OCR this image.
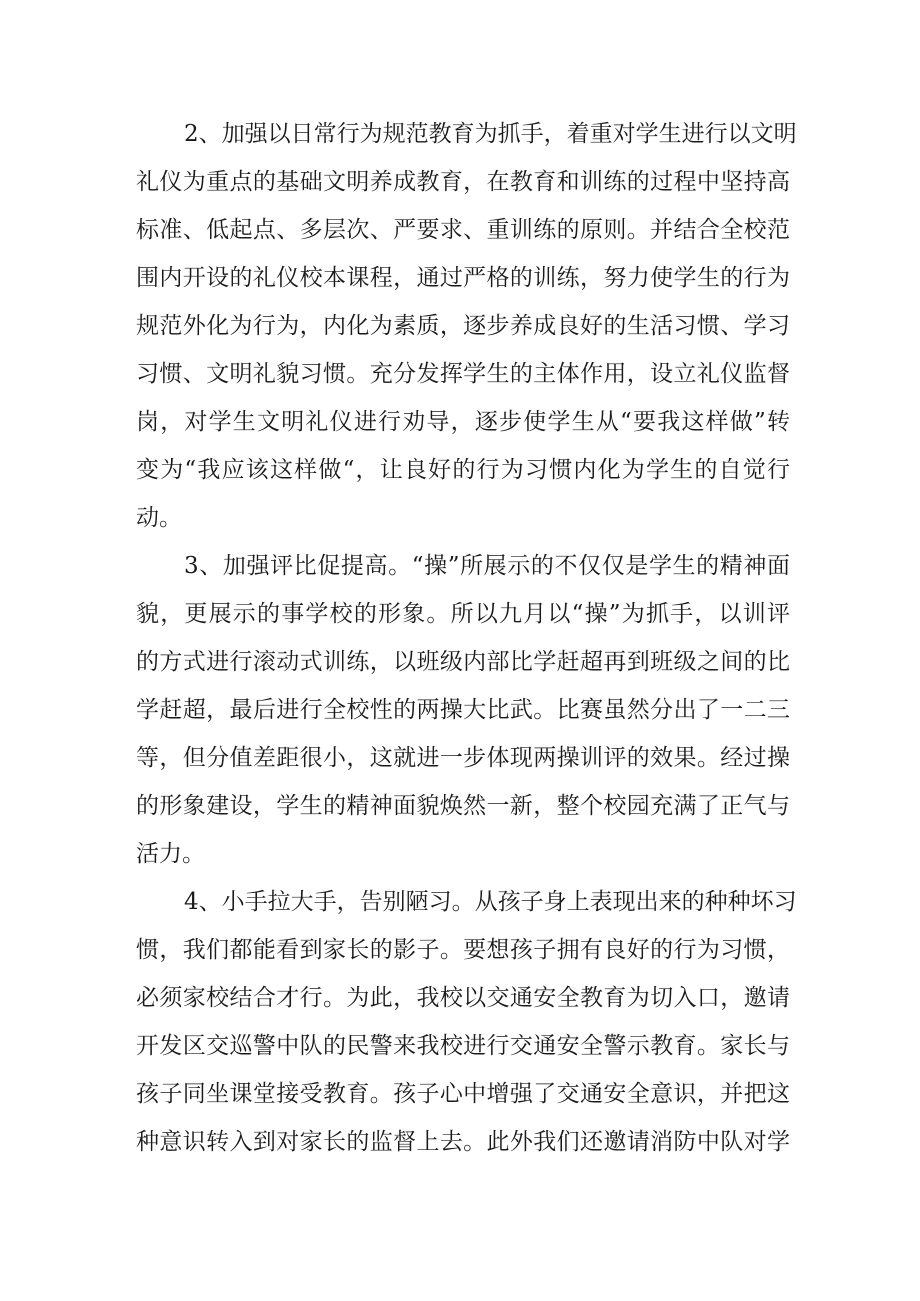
2、加强以日常行为规范教育为抓手，着重对学生进行以文明
礼仪为重点的基础文明养成教育，在教育和训练的过程中坚持高
标准、低起点、多层次、严要求、重训练的原则。并结合全校范
围内开设的礼仪校本课程，通过严格的训练，努力使学生的行为
规范外化为行为，内化为素质，逐步养成良好的生活习惯、学习
习惯、文明礼貌习惯。充分发挥学生的主体作用，设立礼仪监督
岗，对学生文明礼仪进行劝导，逐步使学生从“要我这样做”转
变为“我应该这样做“，让良好的行为习惯内化为学生的自觉行
动。
3、加强评比促提高。“操”所展示的不仅仅是学生的精神面
貌，更展示的事学校的形象。所以九月以“操”为抓手，以训评
的方式进行滚动式训练，以班级内部比学赶超再到班级之间的比
学赶超，最后进行全校性的两操大比武。比赛虽然分出了一二三
等，但分值差距很小，这就进一步体现两操训评的效果。经过操
的形象建设，学生的精神面貌焕然一新，整个校园充满了正气与
活力。
4、小手拉大手，告别陋习。从孩子身上表现出来的种种坏习
惯，我们都能看到家长的影子。要想孩子拥有良好的行为习惯，
必须家校结合才行。为此，我校以交通安全教育为切入口，邀请
开发区交巡警中队的民警来我校进行交通安全警示教育。家长与
孩子同坐课堂接受教育。孩子心中增强了交通安全意识，并把这
种意识转入到对家长的监督上去。此外我们还邀请消防中队对学
